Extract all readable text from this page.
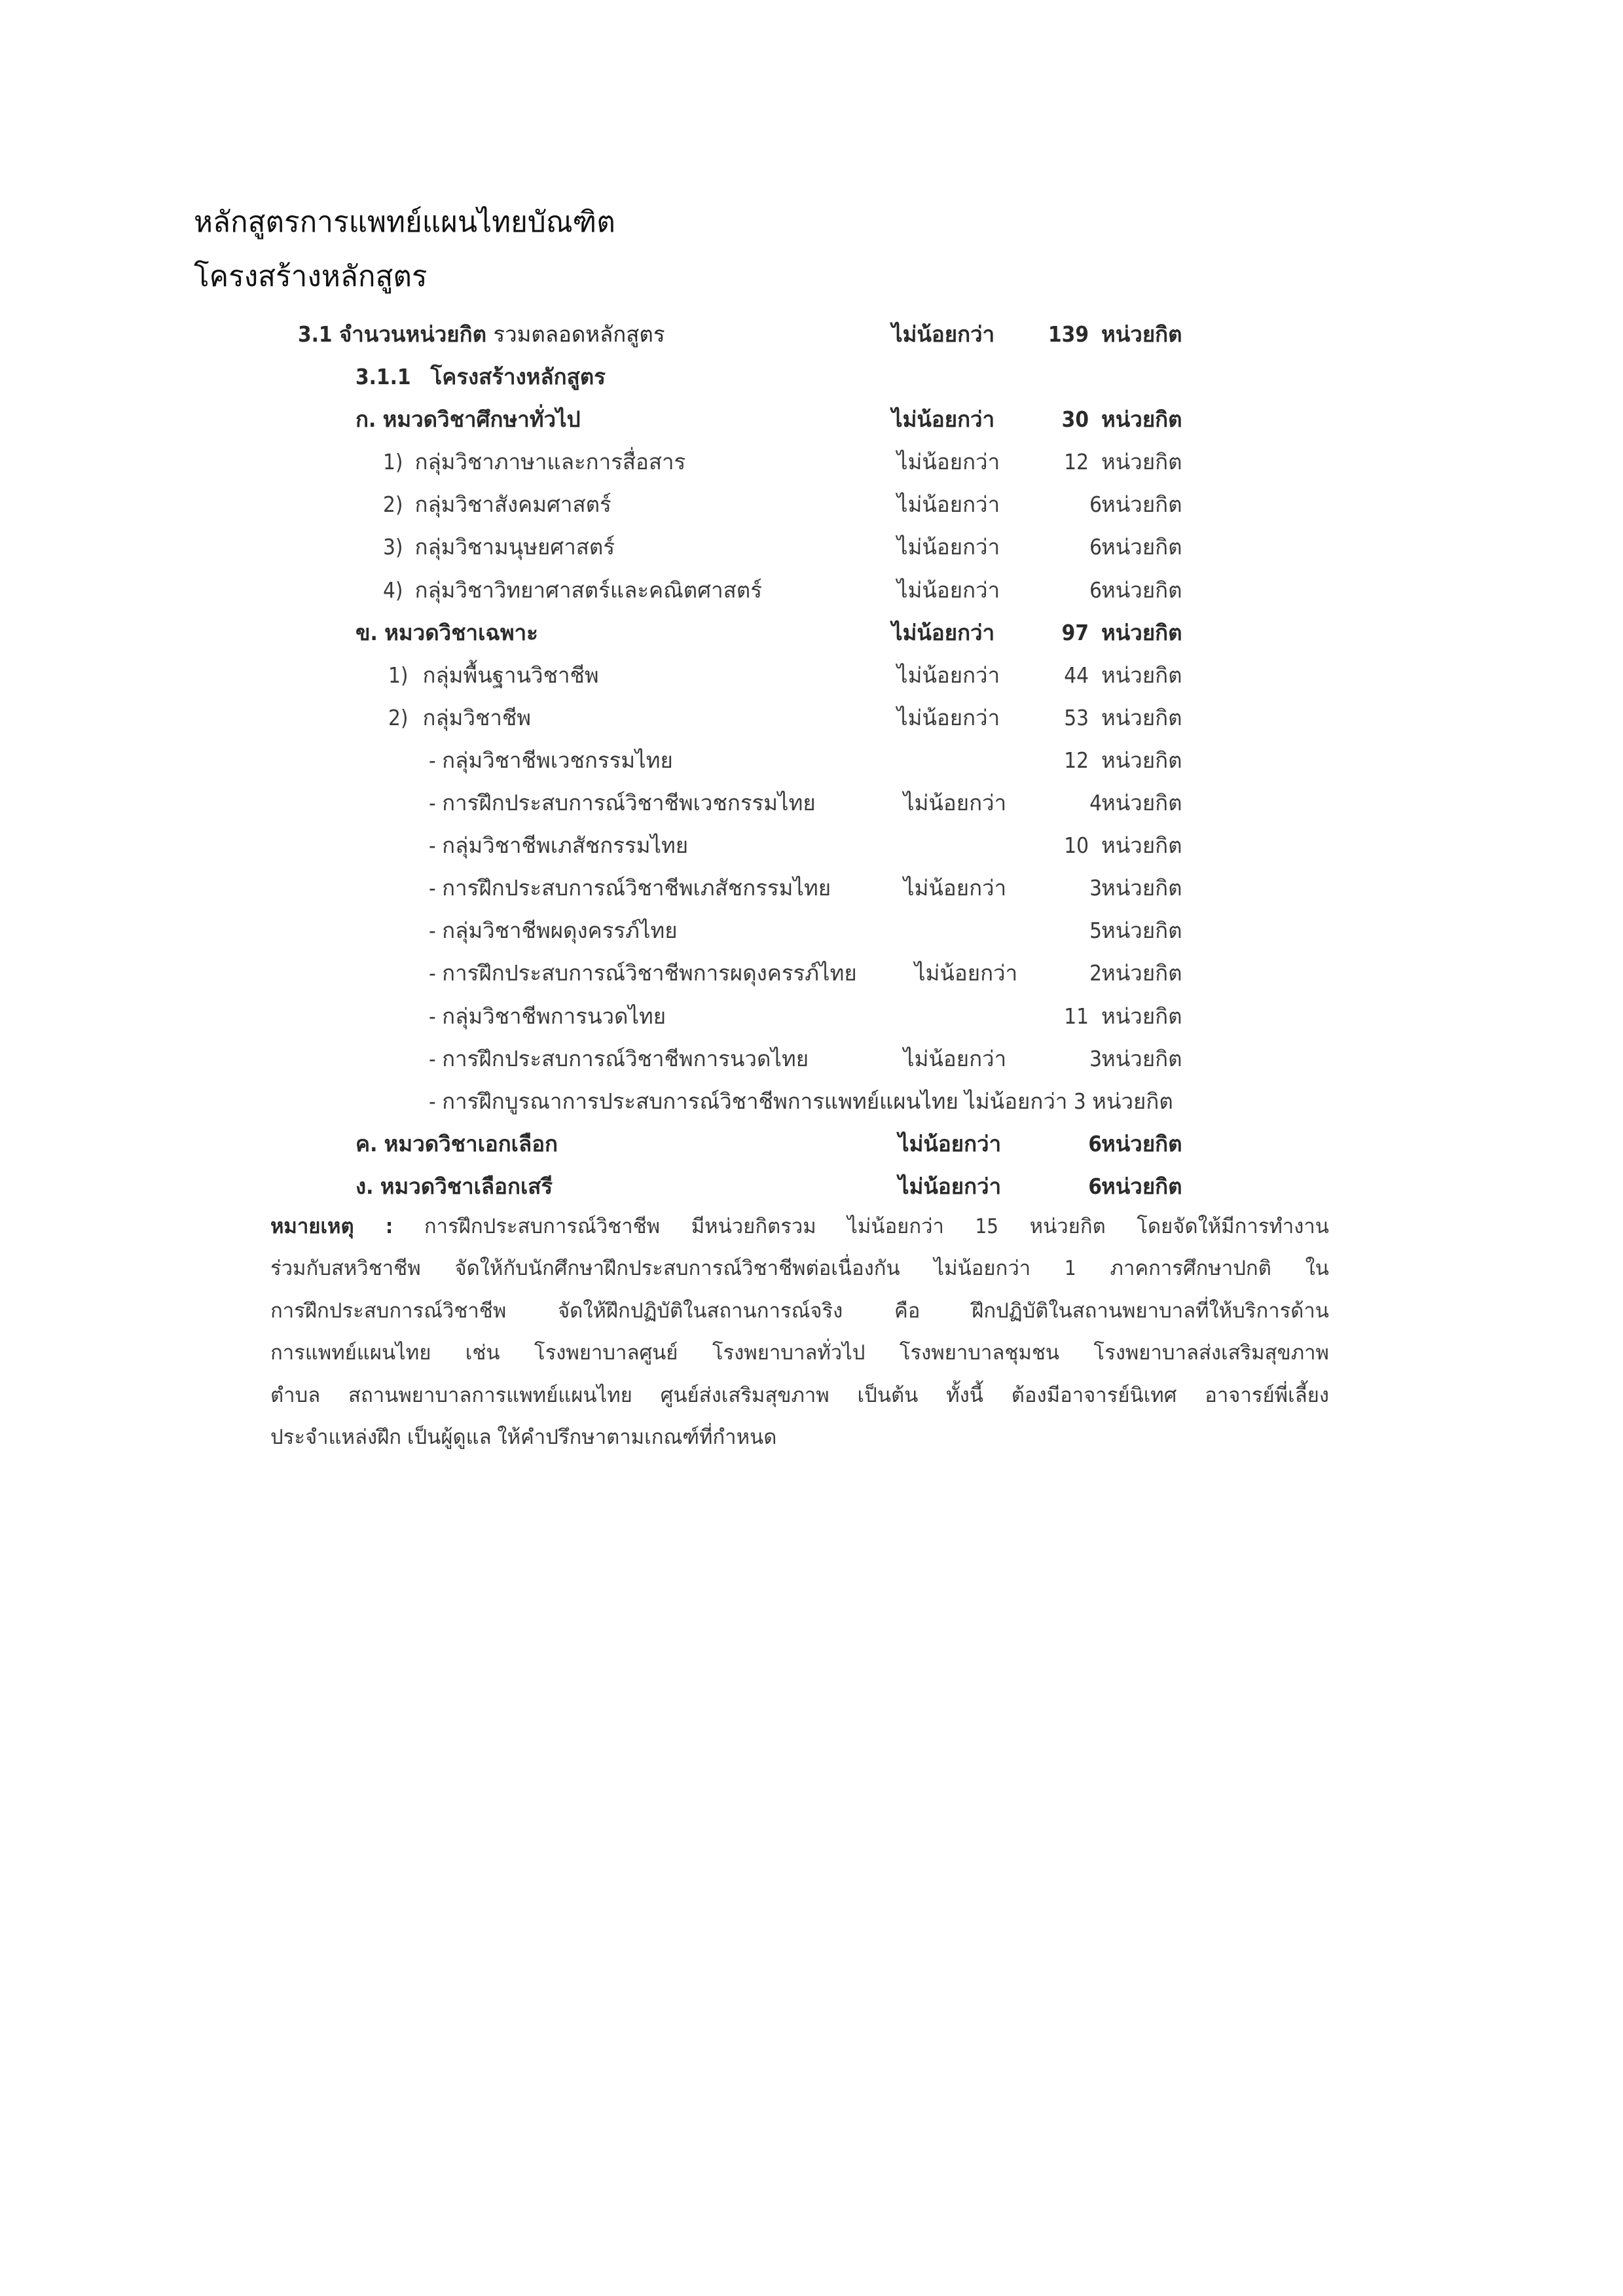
หลักสูตรการแพทย์แผนไทยบัณฑิต
โครงสร้างหลักสูตร
3.1 จำนวนหน่วยกิต รวมตลอดหลักสูตร	ไม่น้อยกว่า	139 หน่วยกิต
3.1.1 โครงสร้างหลักสูตร
ก. หมวดวิชาศึกษาทั่วไป	ไม่น้อยกว่า	30 หน่วยกิต
1) กลุ่มวิชาภาษาและการสื่อสาร	ไม่น้อยกว่า	12 หน่วยกิต
2) กลุ่มวิชาสังคมศาสตร์	ไม่น้อยกว่า	6 หน่วยกิต
3) กลุ่มวิชามนุษยศาสตร์	ไม่น้อยกว่า	6 หน่วยกิต
4) กลุ่มวิชาวิทยาศาสตร์และคณิตศาสตร์	ไม่น้อยกว่า	6 หน่วยกิต
ข. หมวดวิชาเฉพาะ	ไม่น้อยกว่า	97 หน่วยกิต
1) กลุ่มพื้นฐานวิชาชีพ	ไม่น้อยกว่า	44 หน่วยกิต
2) กลุ่มวิชาชีพ	ไม่น้อยกว่า	53 หน่วยกิต
- กลุ่มวิชาชีพเวชกรรมไทย	12 หน่วยกิต
- การฝึกประสบการณ์วิชาชีพเวชกรรมไทย	ไม่น้อยกว่า	4 หน่วยกิต
- กลุ่มวิชาชีพเภสัชกรรมไทย	10 หน่วยกิต
- การฝึกประสบการณ์วิชาชีพเภสัชกรรมไทย	ไม่น้อยกว่า	3 หน่วยกิต
- กลุ่มวิชาชีพผดุงครรภ์ไทย	5 หน่วยกิต
- การฝึกประสบการณ์วิชาชีพการผดุงครรภ์ไทย	ไม่น้อยกว่า	2 หน่วยกิต
- กลุ่มวิชาชีพการนวดไทย	11 หน่วยกิต
- การฝึกประสบการณ์วิชาชีพการนวดไทย	ไม่น้อยกว่า	3 หน่วยกิต
- การฝึกบูรณาการประสบการณ์วิชาชีพการแพทย์แผนไทย ไม่น้อยกว่า 3 หน่วยกิต
ค. หมวดวิชาเอกเลือก	ไม่น้อยกว่า	6 หน่วยกิต
ง. หมวดวิชาเลือกเสรี	ไม่น้อยกว่า	6 หน่วยกิต
หมายเหตุ : การฝึกประสบการณ์วิชาชีพ มีหน่วยกิตรวม ไม่น้อยกว่า 15 หน่วยกิต โดยจัดให้มีการทำงาน
ร่วมกับสหวิชาชีพ จัดให้กับนักศึกษาฝึกประสบการณ์วิชาชีพต่อเนื่องกัน ไม่น้อยกว่า 1 ภาคการศึกษาปกติ ใน
การฝึกประสบการณ์วิชาชีพ จัดให้ฝึกปฏิบัติในสถานการณ์จริง คือ ฝึกปฏิบัติในสถานพยาบาลที่ให้บริการด้าน
การแพทย์แผนไทย เช่น โรงพยาบาลศูนย์ โรงพยาบาลทั่วไป โรงพยาบาลชุมชน โรงพยาบาลส่งเสริมสุขภาพ
ตำบล สถานพยาบาลการแพทย์แผนไทย ศูนย์ส่งเสริมสุขภาพ เป็นต้น ทั้งนี้ ต้องมีอาจารย์นิเทศ อาจารย์พี่เลี้ยง
ประจำแหล่งฝึก เป็นผู้ดูแล ให้คำปรึกษาตามเกณฑ์ที่กำหนด
